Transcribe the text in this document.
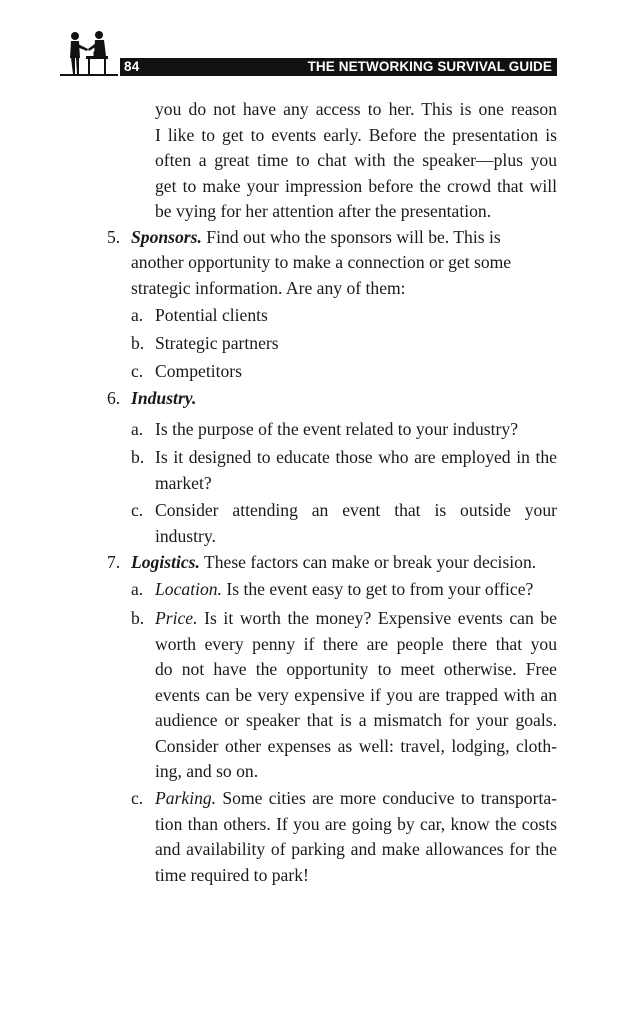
84	THE NETWORKING SURVIVAL GUIDE
you do not have any access to her. This is one reason
I like to get to events early. Before the presentation is
often a great time to chat with the speaker—plus you
get to make your impression before the crowd that will
be vying for her attention after the presentation.
5. Sponsors. Find out who the sponsors will be. This is
another opportunity to make a connection or get some
strategic information. Are any of them:
a. Potential clients
b. Strategic partners
c. Competitors
6. Industry.
a. Is the purpose of the event related to your industry?
b. Is it designed to educate those who are employed in the
market?
c. Consider attending an event that is outside your
industry.
7. Logistics. These factors can make or break your decision.
a. Location. Is the event easy to get to from your office?
b. Price. Is it worth the money? Expensive events can be
worth every penny if there are people there that you
do not have the opportunity to meet otherwise. Free
events can be very expensive if you are trapped with an
audience or speaker that is a mismatch for your goals.
Consider other expenses as well: travel, lodging, cloth-
ing, and so on.
c. Parking. Some cities are more conducive to transporta-
tion than others. If you are going by car, know the costs
and availability of parking and make allowances for the
time required to park!
